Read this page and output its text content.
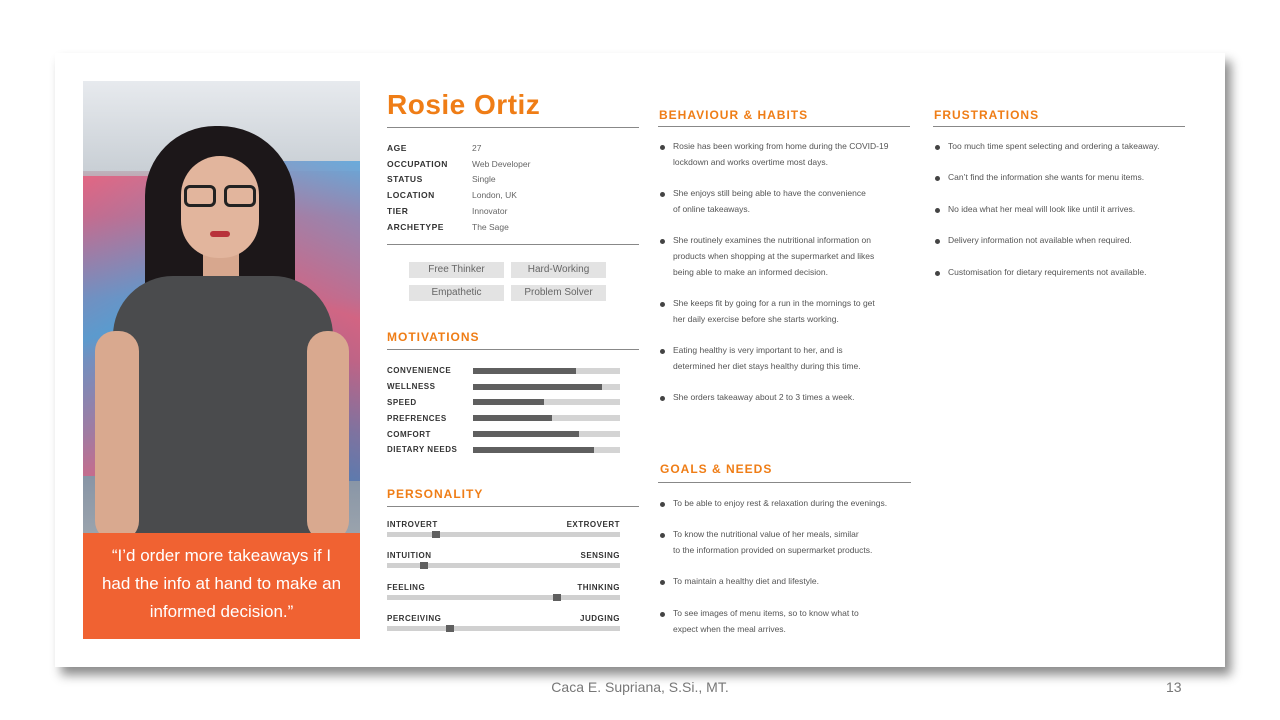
“I’d order more takeaways if I had the info at hand to make an informed decision.”
Rosie Ortiz
AGE	27
OCCUPATION	Web Developer
STATUS	Single
LOCATION	London, UK
TIER	Innovator
ARCHETYPE	The Sage
Free Thinker	Hard-Working
Empathetic	Problem Solver
MOTIVATIONS
CONVENIENCE
WELLNESS
SPEED
PREFRENCES
COMFORT
DIETARY NEEDS
PERSONALITY
INTROVERT	EXTROVERT
INTUITION	SENSING
FEELING	THINKING
PERCEIVING	JUDGING
BEHAVIOUR & HABITS
Rosie has been working from home during the COVID-19
lockdown and works overtime most days.
She enjoys still being able to have the convenience
of online takeaways.
She routinely examines the nutritional information on
products when shopping at the supermarket and likes
being able to make an informed decision.
She keeps fit by going for a run in the mornings to get
her daily exercise before she starts working.
Eating healthy is very important to her, and is
determined her diet stays healthy during this time.
She orders takeaway about 2 to 3 times a week.
GOALS & NEEDS
To be able to enjoy rest & relaxation during the evenings.
To know the nutritional value of her meals, similar
to the information provided on supermarket products.
To maintain a healthy diet and lifestyle.
To see images of menu items, so to know what to
expect when the meal arrives.
FRUSTRATIONS
Too much time spent selecting and ordering a takeaway.
Can’t find the information she wants for menu items.
No idea what her meal will look like until it arrives.
Delivery information not available when required.
Customisation for dietary requirements not available.
Caca E. Supriana, S.Si., MT.	13
